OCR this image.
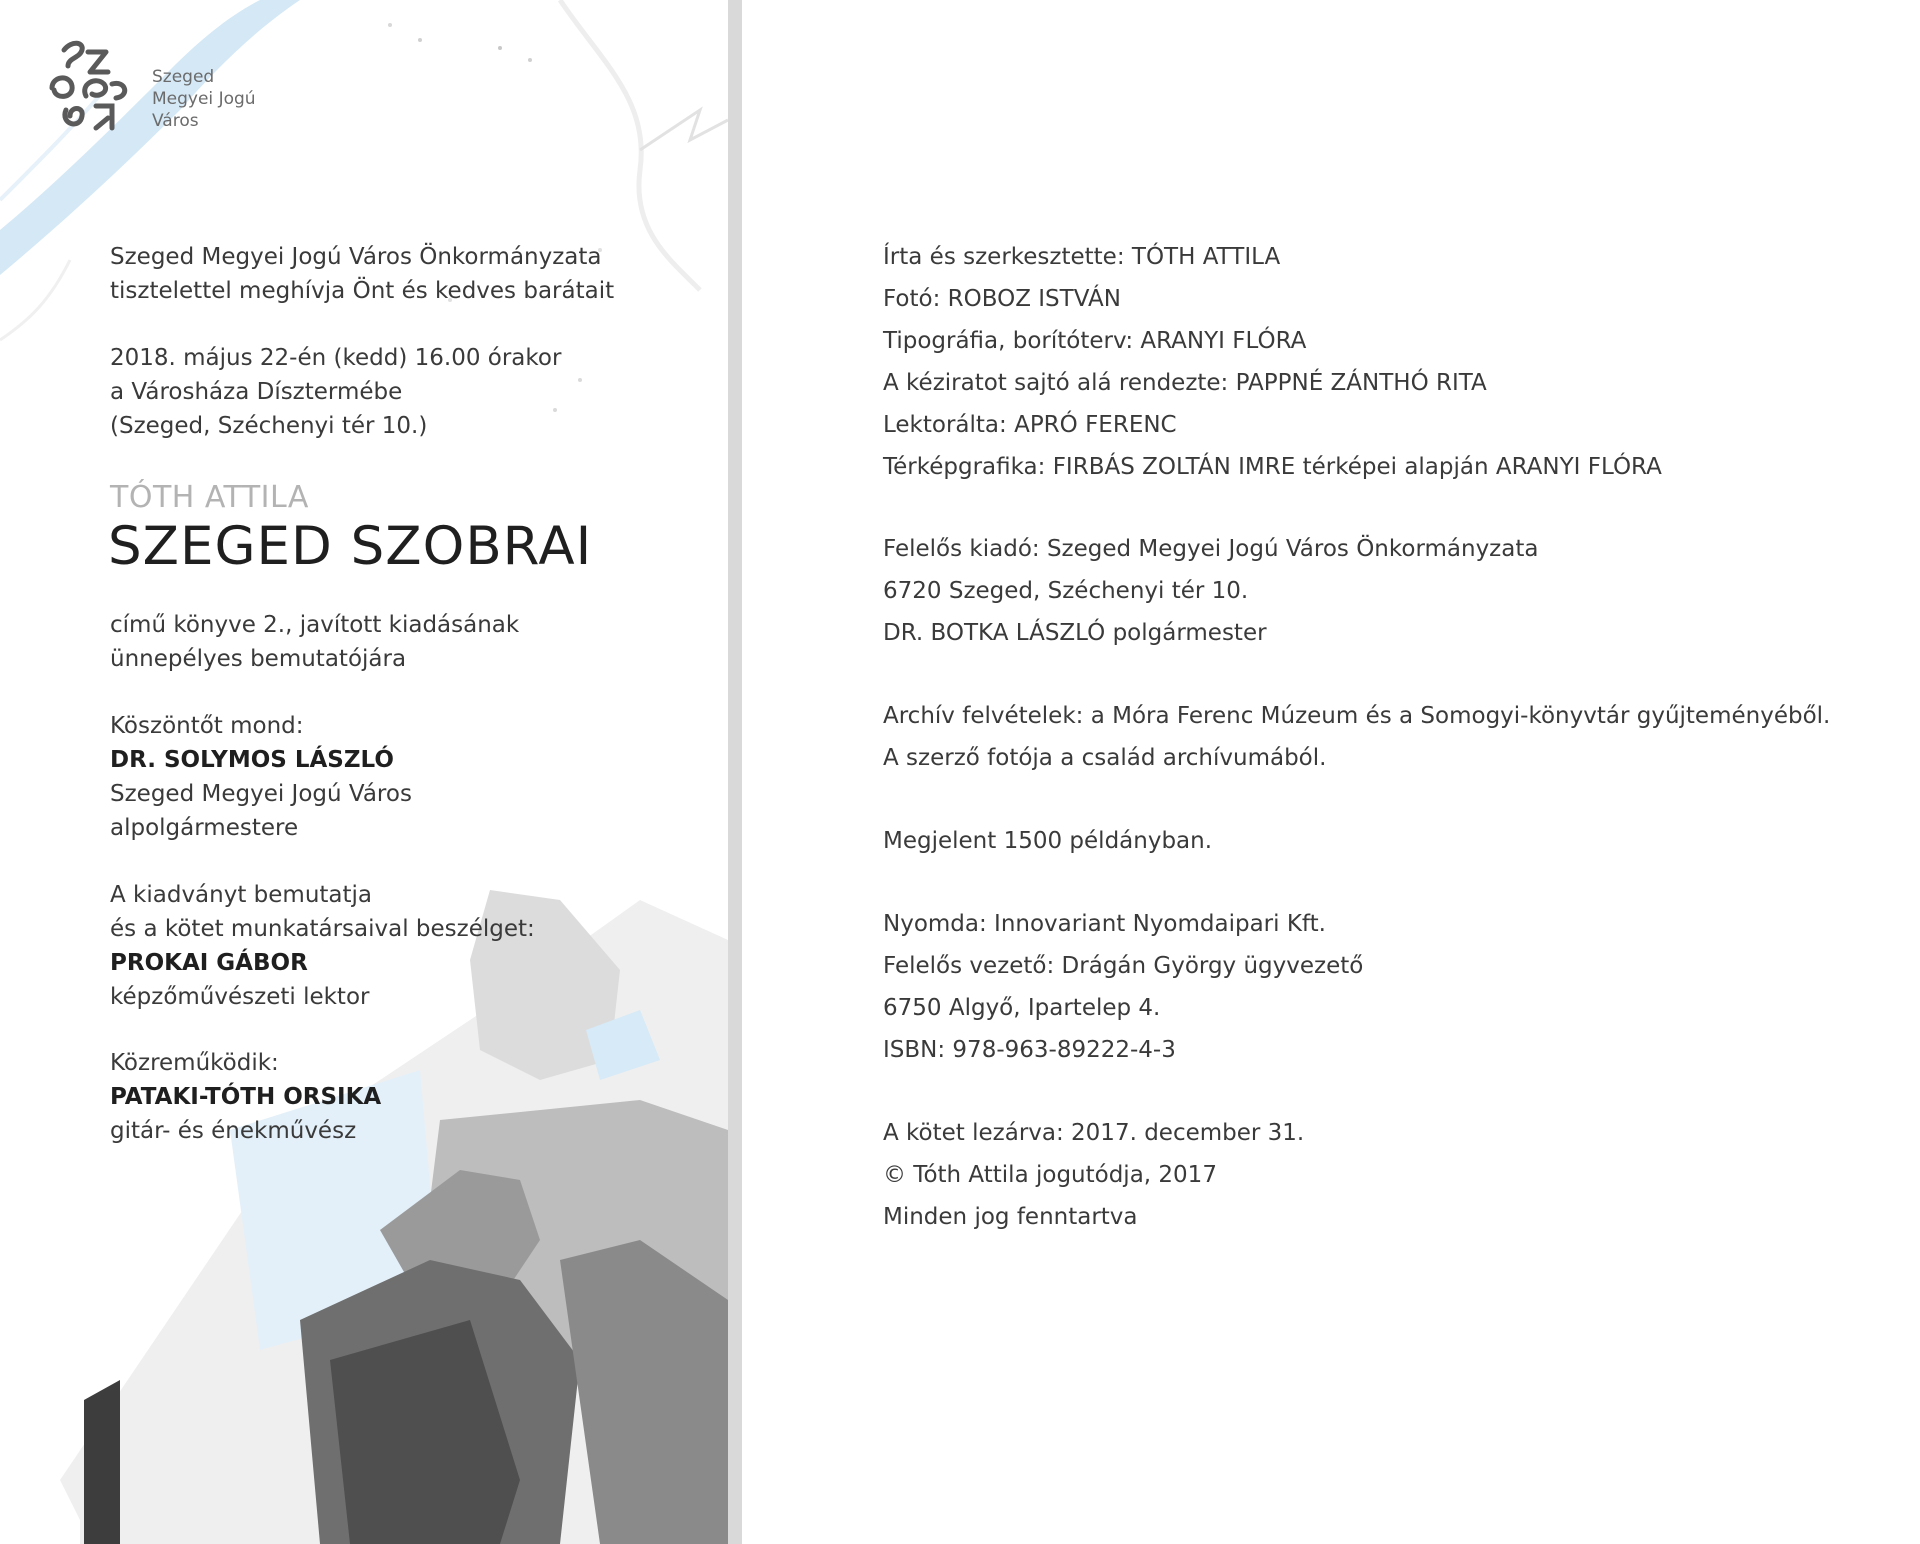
Szeged
Megyei Jogú
Város
Szeged Megyei Jogú Város Önkormányzata
tisztelettel meghívja Önt és kedves barátait
2018. május 22-én (kedd) 16.00 órakor
a Városháza Dísztermébe
(Szeged, Széchenyi tér 10.)
TÓTH ATTILA
SZEGED SZOBRAI
című könyve 2., javított kiadásának
ünnepélyes bemutatójára
Köszöntőt mond:
DR. SOLYMOS LÁSZLÓ
Szeged Megyei Jogú Város
alpolgármestere
A kiadványt bemutatja
és a kötet munkatársaival beszélget:
PROKAI GÁBOR
képzőművészeti lektor
Közreműködik:
PATAKI-TÓTH ORSIKA
gitár- és énekművész
Írta és szerkesztette: TÓTH ATTILA
Fotó: ROBOZ ISTVÁN
Tipográfia, borítóterv: ARANYI FLÓRA
A kéziratot sajtó alá rendezte: PAPPNÉ ZÁNTHÓ RITA
Lektorálta: APRÓ FERENC
Térképgrafika: FIRBÁS ZOLTÁN IMRE térképei alapján ARANYI FLÓRA
Felelős kiadó: Szeged Megyei Jogú Város Önkormányzata
6720 Szeged, Széchenyi tér 10.
DR. BOTKA LÁSZLÓ polgármester
Archív felvételek: a Móra Ferenc Múzeum és a Somogyi-könyvtár gyűjteményéből.
A szerző fotója a család archívumából.
Megjelent 1500 példányban.
Nyomda: Innovariant Nyomdaipari Kft.
Felelős vezető: Drágán György ügyvezető
6750 Algyő, Ipartelep 4.
ISBN: 978-963-89222-4-3
A kötet lezárva: 2017. december 31.
© Tóth Attila jogutódja, 2017
Minden jog fenntartva
